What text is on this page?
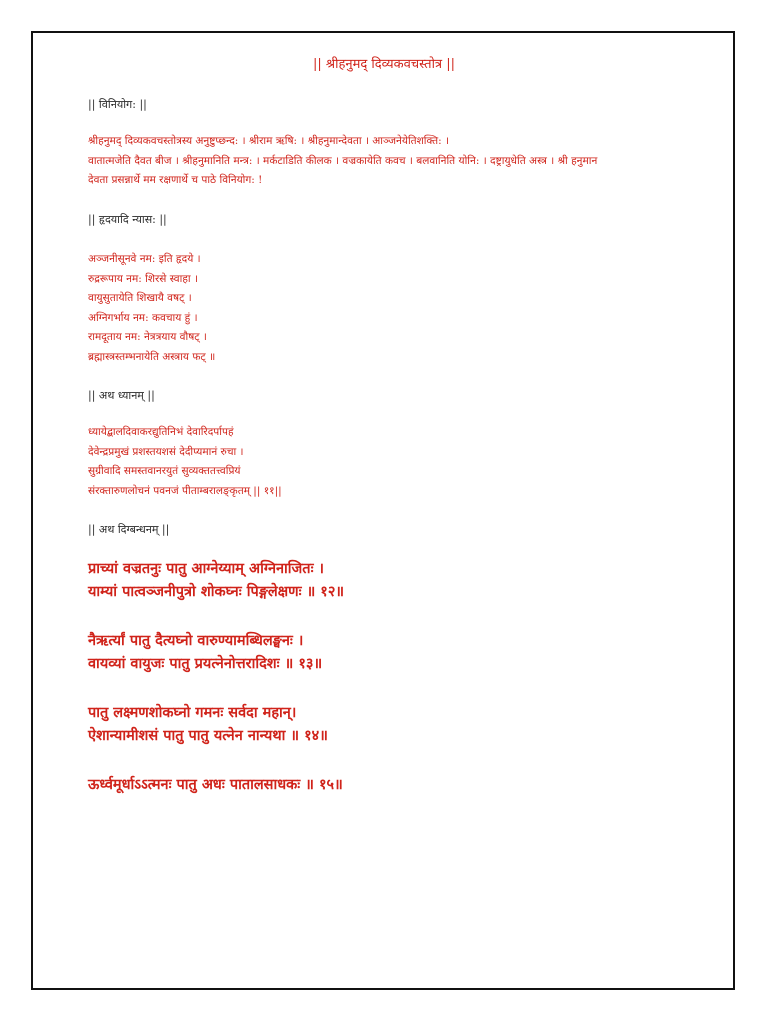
|| श्रीहनुमद् दिव्यकवचस्तोत्र ||
|| विनियोग: ||
श्रीहनुमद् दिव्यकवचस्तोत्रस्य अनुष्टुप्छन्द: । श्रीराम ऋषि: । श्रीहनुमान्देवता । आञ्जनेयेतिशक्ति: ।
वातात्मजेति दैवत बीज । श्रीहनुमानिति मन्त्र: । मर्कटाडिति कीलक । वज्रकायेति कवच । बलवानिति योनि: । दष्ट्रायुधेति अस्त्र । श्री हनुमान
देवता प्रसन्नार्थे मम रक्षणार्थे च पाठे विनियोग: !
|| हृदयादि न्यास: ||
अञ्जनीसूनवे नम: इति हृदये ।
रुद्ररूपाय नम: शिरसे स्वाहा ।
वायुसुतायेति शिखायै वषट् ।
अग्निगर्भाय नम: कवचाय हुं ।
रामदूताय नम: नेत्रत्रयाय वौषट् ।
ब्रह्मास्त्रस्तम्भनायेति अस्त्राय फट् ॥
|| अथ ध्यानम् ||
ध्यायेद्बालदिवाकरद्युतिनिभं देवारिदर्पापहं
देवेन्द्रप्रमुखं प्रशस्तयशसं देदीप्यमानं रुचा ।
सुग्रीवादि समस्तवानरयुतं सुव्यक्ततत्त्वप्रियं
संरक्तारुणलोचनं पवनजं पीताम्बरालङ्कृतम् || ११||
|| अथ दिग्बन्धनम् ||
प्राच्यां वज्रतनुः पातु आग्नेय्याम् अग्निनाजितः ।
याम्यां पात्वञ्जनीपुत्रो शोकघ्नः पिङ्गलेक्षणः ॥ १२॥
नैऋर्त्यां पातु दैत्यघ्नो वारुण्यामब्धिलङ्घनः ।
वायव्यां वायुजः पातु प्रयत्नेनोत्तरादिशः ॥ १३॥
पातु लक्ष्मणशोकघ्नो गमनः सर्वदा महान्।
ऐशान्यामीशसं पातु पातु यत्नेन नान्यथा ॥ १४॥
ऊर्ध्वमूर्धाऽऽत्मनः पातु अधः पातालसाधकः ॥ १५॥
